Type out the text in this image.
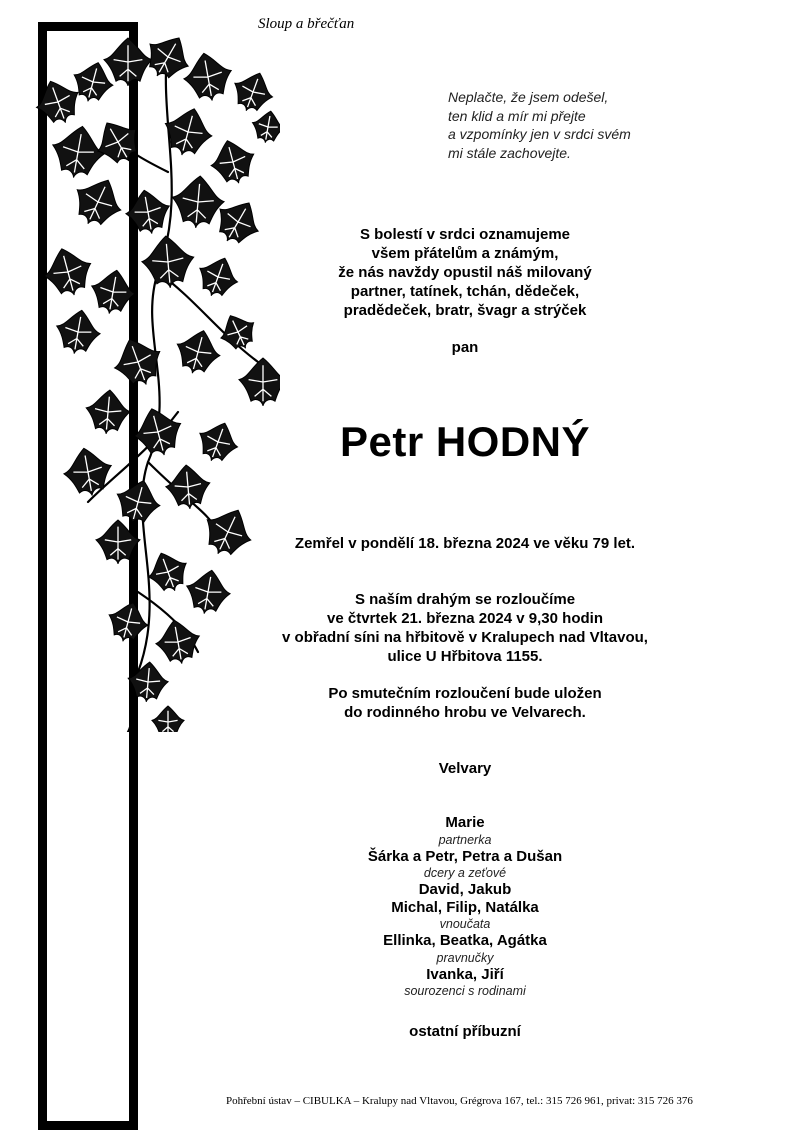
Sloup a břečťan
Neplačte, že jsem odešel,
ten klid a mír mi přejte
a vzpomínky jen v srdci svém
mi stále zachovejte.
S bolestí v srdci oznamujeme
všem přátelům a známým,
že nás navždy opustil náš milovaný
partner, tatínek, tchán, dědeček,
pradědeček, bratr, švagr a strýček
pan
Petr HODNÝ
Zemřel v pondělí 18. března 2024 ve věku 79 let.
S naším drahým se rozloučíme
ve čtvrtek 21. března 2024 v 9,30 hodin
v obřadní síni na hřbitově v Kralupech nad Vltavou,
ulice U Hřbitova 1155.
Po smutečním rozloučení bude uložen
do rodinného hrobu ve Velvarech.
Velvary
Marie
partnerka
Šárka a Petr, Petra a Dušan
dcery a zeťové
David, Jakub
Michal, Filip, Natálka
vnoučata
Ellinka, Beatka, Agátka
pravnučky
Ivanka, Jiří
sourozenci s rodinami
ostatní příbuzní
Pohřební ústav – CIBULKA – Kralupy nad Vltavou, Grégrova 167, tel.: 315 726 961, privat: 315 726 376
